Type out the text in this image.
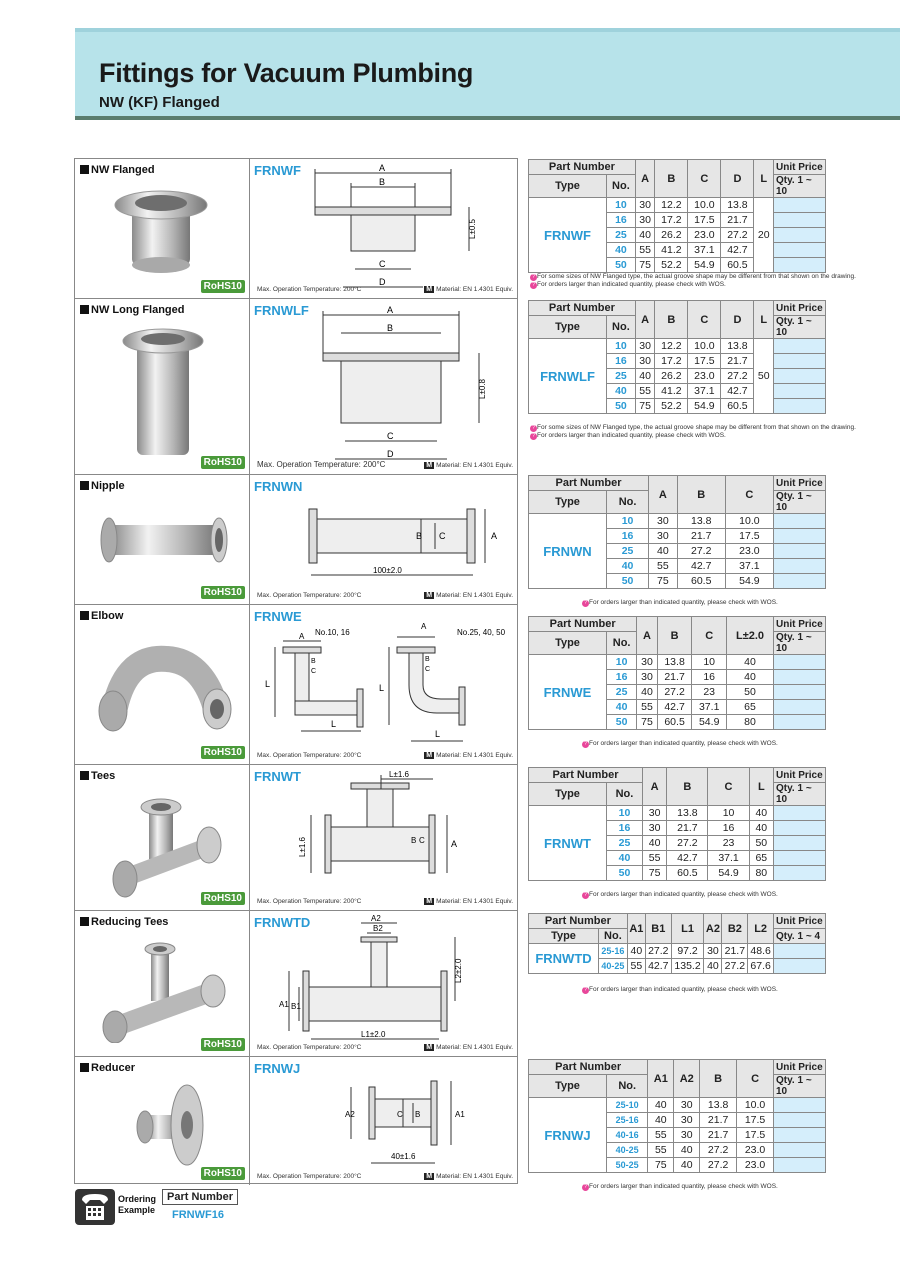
Fittings for Vacuum Plumbing
NW (KF) Flanged
NW Flanged
RoHS10
FRNWF	A
B
C
D
L±0.5
Max. Operation Temperature: 200°C	M Material: EN 1.4301 Equiv.
NW Long Flanged
RoHS10
FRNWLF	A
B
C
D
L±0.8
Max. Operation Temperature: 200°C	M Material: EN 1.4301 Equiv.
Nipple
RoHS10
FRNWN
100±2.0
A
B C
Max. Operation Temperature: 200°C	M Material: EN 1.4301 Equiv.
Elbow
RoHS10
FRNWE
No.10, 16	No.25, 40, 50
A
A
B
C
B
C
L
L
L
L
Max. Operation Temperature: 200°C	M Material: EN 1.4301 Equiv.
Tees
RoHS10
FRNWT	L±1.6
L±1.6	A
B C
Max. Operation Temperature: 200°C	M Material: EN 1.4301 Equiv.
Reducing Tees
RoHS10
FRNWTD	A2
B2
L2±2.0
L1±2.0
A1 B1
Max. Operation Temperature: 200°C	M Material: EN 1.4301 Equiv.
Reducer
RoHS10
FRNWJ
A2	A1
C B
40±1.6
Max. Operation Temperature: 200°C	M Material: EN 1.4301 Equiv.
Part Number		A	B	C	D	L	Unit Price
Type	No.						Qty. 1 ~ 10
FRNWF	10	30	12.2	10.0	13.8	20	
	16	30	17.2	17.5	21.7		
	25	40	26.2	23.0	27.2		
	40	55	41.2	37.1	42.7		
	50	75	52.2	54.9	60.5		
? For some sizes of NW Flanged type, the actual groove shape may be different from that shown on the drawing.
? For orders larger than indicated quantity, please check with WOS.
Part Number		A	B	C	D	L	Unit Price
Type	No.						Qty. 1 ~ 10
FRNWLF	10	30	12.2	10.0	13.8	50	
	16	30	17.2	17.5	21.7		
	25	40	26.2	23.0	27.2		
	40	55	41.2	37.1	42.7		
	50	75	52.2	54.9	60.5		
? For some sizes of NW Flanged type, the actual groove shape may be different from that shown on the drawing.
? For orders larger than indicated quantity, please check with WOS.
Part Number		A	B	C	Unit Price
Type	No.				Qty. 1 ~ 10
FRNWN	10	30	13.8	10.0	
	16	30	21.7	17.5	
	25	40	27.2	23.0	
	40	55	42.7	37.1	
	50	75	60.5	54.9	
? For orders larger than indicated quantity, please check with WOS.
Part Number		A	B	C	L±2.0	Unit Price
Type	No.					Qty. 1 ~ 10
FRNWE	10	30	13.8	10	40	
	16	30	21.7	16	40	
	25	40	27.2	23	50	
	40	55	42.7	37.1	65	
	50	75	60.5	54.9	80	
? For orders larger than indicated quantity, please check with WOS.
Part Number		A	B	C	L	Unit Price
Type	No.					Qty. 1 ~ 10
FRNWT	10	30	13.8	10	40	
	16	30	21.7	16	40	
	25	40	27.2	23	50	
	40	55	42.7	37.1	65	
	50	75	60.5	54.9	80	
? For orders larger than indicated quantity, please check with WOS.
Part Number		A1	B1	L1	A2	B2	L2	Unit Price
Type	No.							Qty. 1 ~ 4
FRNWTD	25-16	40	27.2	97.2	30	21.7	48.6	
	40-25	55	42.7	135.2	40	27.2	67.6	
? For orders larger than indicated quantity, please check with WOS.
Part Number		A1	A2	B	C	Unit Price
Type	No.					Qty. 1 ~ 10
FRNWJ	25-10	40	30	13.8	10.0	
	25-16	40	30	21.7	17.5	
	40-16	55	30	21.7	17.5	
	40-25	55	40	27.2	23.0	
	50-25	75	40	27.2	23.0	
? For orders larger than indicated quantity, please check with WOS.
Ordering
Example
Part Number
FRNWF16
